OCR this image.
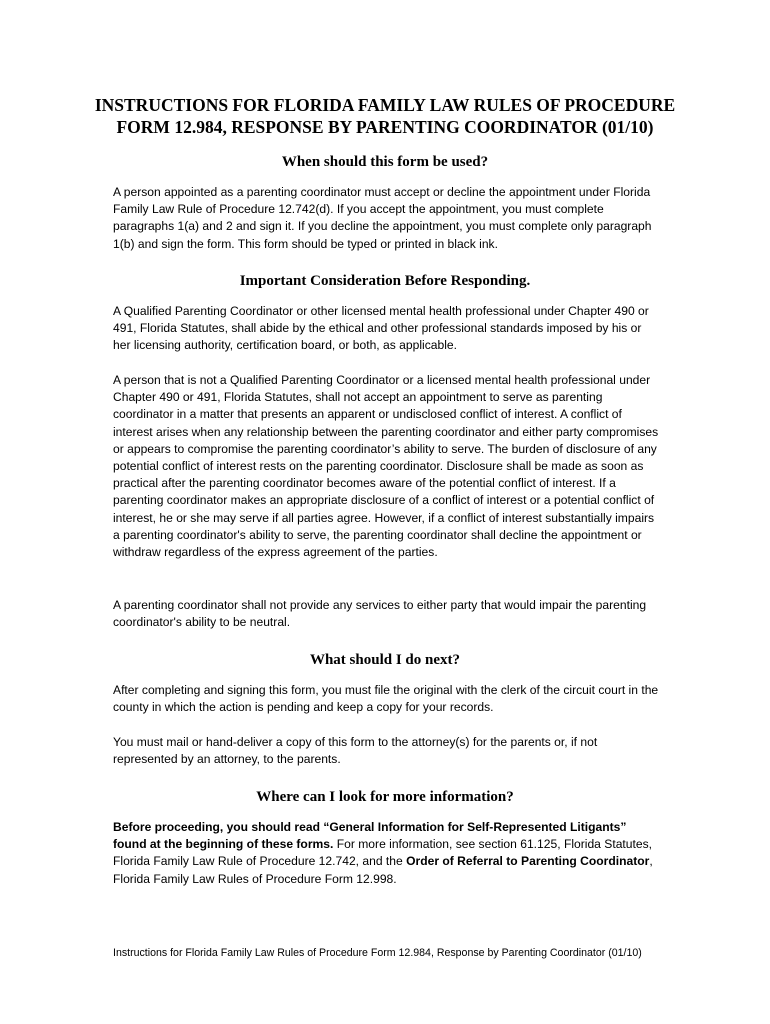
INSTRUCTIONS FOR FLORIDA FAMILY LAW RULES OF PROCEDURE
FORM 12.984, RESPONSE BY PARENTING COORDINATOR (01/10)
When should this form be used?

A person appointed as a parenting coordinator must accept or decline the appointment under Florida Family Law Rule of Procedure 12.742(d). If you accept the appointment, you must complete paragraphs 1(a) and 2 and sign it. If you decline the appointment, you must complete only paragraph 1(b) and sign the form. This form should be typed or printed in black ink.

Important Consideration Before Responding.

A Qualified Parenting Coordinator or other licensed mental health professional under Chapter 490 or 491, Florida Statutes, shall abide by the ethical and other professional standards imposed by his or her licensing authority, certification board, or both, as applicable.

A person that is not a Qualified Parenting Coordinator or a licensed mental health professional under Chapter 490 or 491, Florida Statutes, shall not accept an appointment to serve as parenting coordinator in a matter that presents an apparent or undisclosed conflict of interest. A conflict of interest arises when any relationship between the parenting coordinator and either party compromises or appears to compromise the parenting coordinator’s ability to serve. The burden of disclosure of any potential conflict of interest rests on the parenting coordinator. Disclosure shall be made as soon as practical after the parenting coordinator becomes aware of the potential conflict of interest. If a parenting coordinator makes an appropriate disclosure of a conflict of interest or a potential conflict of interest, he or she may serve if all parties agree. However, if a conflict of interest substantially impairs a parenting coordinator's ability to serve, the parenting coordinator shall decline the appointment or withdraw regardless of the express agreement of the parties.

A parenting coordinator shall not provide any services to either party that would impair the parenting coordinator's ability to be neutral.

What should I do next?

After completing and signing this form, you must file the original with the clerk of the circuit court in the county in which the action is pending and keep a copy for your records.

You must mail or hand-deliver a copy of this form to the attorney(s) for the parents or, if not represented by an attorney, to the parents.

Where can I look for more information?

Before proceeding, you should read “General Information for Self-Represented Litigants” found at the beginning of these forms. For more information, see section 61.125, Florida Statutes, Florida Family Law Rule of Procedure 12.742, and the Order of Referral to Parenting Coordinator, Florida Family Law Rules of Procedure Form 12.998.

Instructions for Florida Family Law Rules of Procedure Form 12.984, Response by Parenting Coordinator (01/10)
